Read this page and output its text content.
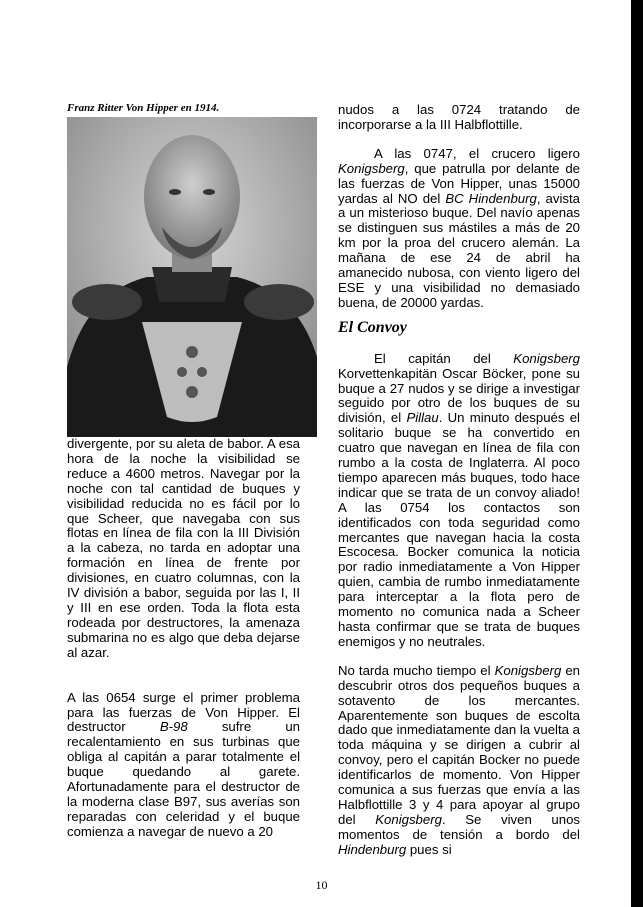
Franz Ritter Von Hipper en 1914.

divergente, por su aleta de babor. A esa hora de la noche la visibilidad se reduce a 4600 metros. Navegar por la noche con tal cantidad de buques y visibilidad reducida no es fácil por lo que Scheer, que navegaba con sus flotas en línea de fila con la III División a la cabeza, no tarda en adoptar una formación en línea de frente por divisiones, en cuatro columnas, con la IV división a babor, seguida por las I, II y III en ese orden. Toda la flota esta rodeada por destructores, la amenaza submarina no es algo que deba dejarse al azar.

A las 0654 surge el primer problema para las fuerzas de Von Hipper. El destructor B-98 sufre un recalentamiento en sus turbinas que obliga al capitán a parar totalmente el buque quedando al garete. Afortunadamente para el destructor de la moderna clase B97, sus averías son reparadas con celeridad y el buque comienza a navegar de nuevo a 20

nudos a las 0724 tratando de incorporarse a la III Halbflottille.

A las 0747, el crucero ligero Konigsberg, que patrulla por delante de las fuerzas de Von Hipper, unas 15000 yardas al NO del BC Hindenburg, avista a un misterioso buque. Del navío apenas se distinguen sus mástiles a más de 20 km por la proa del crucero alemán. La mañana de ese 24 de abril ha amanecido nubosa, con viento ligero del ESE y una visibilidad no demasiado buena, de 20000 yardas.

El Convoy

El capitán del Konigsberg Korvettenkapitän Oscar Böcker, pone su buque a 27 nudos y se dirige a investigar seguido por otro de los buques de su división, el Pillau. Un minuto después el solitario buque se ha convertido en cuatro que navegan en línea de fila con rumbo a la costa de Inglaterra. Al poco tiempo aparecen más buques, todo hace indicar que se trata de un convoy aliado! A las 0754 los contactos son identificados con toda seguridad como mercantes que navegan hacia la costa Escocesa. Bocker comunica la noticia por radio inmediatamente a Von Hipper quien, cambia de rumbo inmediatamente para interceptar a la flota pero de momento no comunica nada a Scheer hasta confirmar que se trata de buques enemigos y no neutrales.

No tarda mucho tiempo el Konigsberg en descubrir otros dos pequeños buques a sotavento de los mercantes. Aparentemente son buques de escolta dado que inmediatamente dan la vuelta a toda máquina y se dirigen a cubrir al convoy, pero el capitán Bocker no puede identificarlos de momento. Von Hipper comunica a sus fuerzas que envía a las Halbflottille 3 y 4 para apoyar al grupo del Konigsberg. Se viven unos momentos de tensión a bordo del Hindenburg pues si

10
